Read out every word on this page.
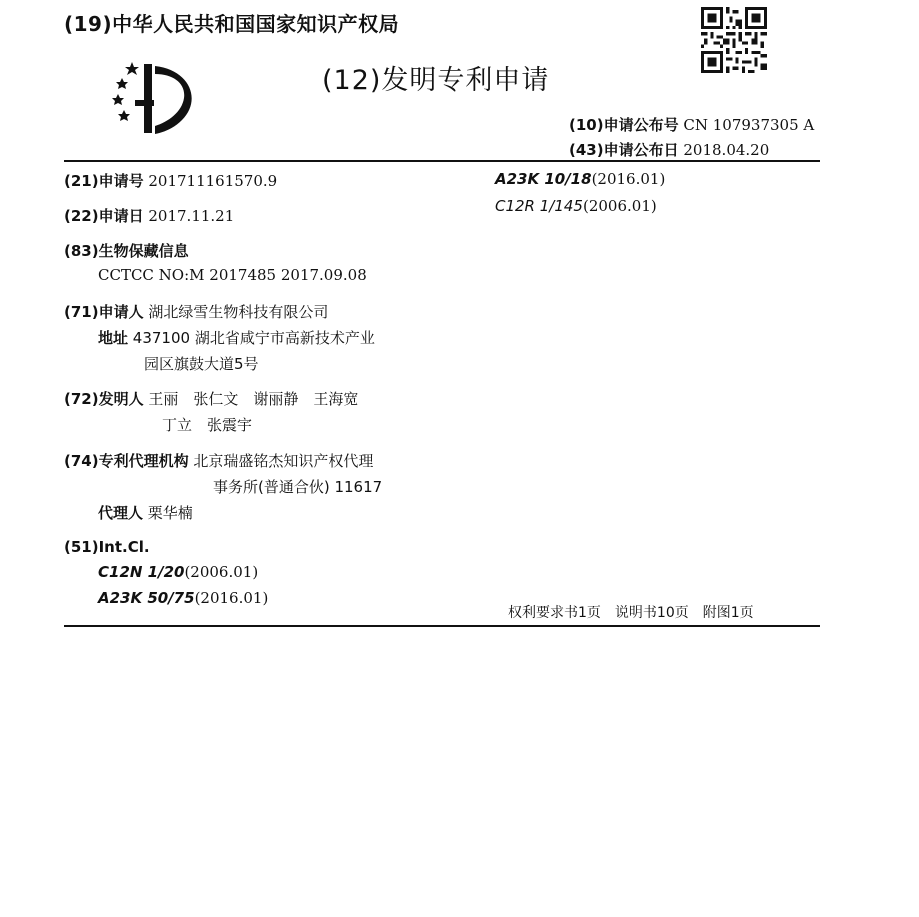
(19)中华人民共和国国家知识产权局
(12)发明专利申请
(10)申请公布号 CN 107937305 A
(43)申请公布日 2018.04.20
(21)申请号 201711161570.9
(22)申请日 2017.11.21
(83)生物保藏信息
CCTCC NO:M 2017485 2017.09.08
(71)申请人 湖北绿雪生物科技有限公司
地址 437100 湖北省咸宁市高新技术产业
园区旗鼓大道5号
(72)发明人 王丽　张仁文　谢丽静　王海宽
丁立　张震宇
(74)专利代理机构 北京瑞盛铭杰知识产权代理
事务所(普通合伙) 11617
代理人 栗华楠
(51)Int.Cl.
C12N 1/20(2006.01)
A23K 50/75(2016.01)
A23K 10/18(2016.01)
C12R 1/145(2006.01)
权利要求书1页　说明书10页　附图1页
